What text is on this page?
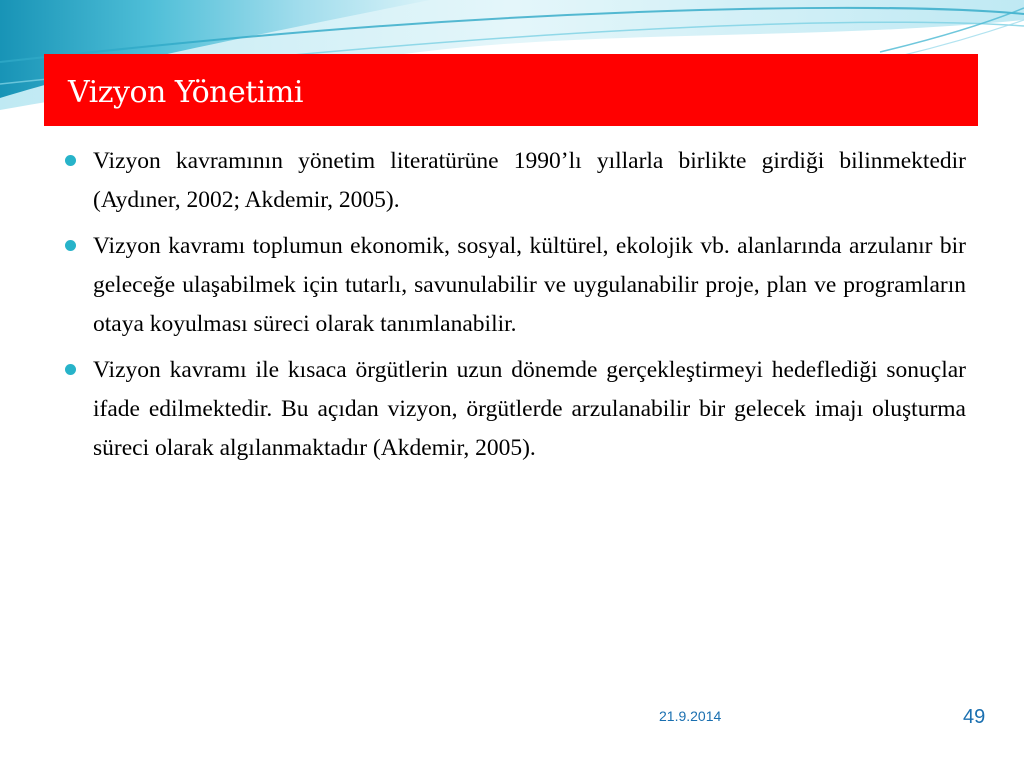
Vizyon Yönetimi

Vizyon kavramının yönetim literatürüne 1990’lı yıllarla birlikte girdiği bilinmektedir (Aydıner, 2002; Akdemir, 2005).

Vizyon kavramı toplumun ekonomik, sosyal, kültürel, ekolojik vb. alanlarında arzulanır bir geleceğe ulaşabilmek için tutarlı, savunulabilir ve uygulanabilir proje, plan ve programların otaya koyulması süreci olarak tanımlanabilir.

Vizyon kavramı ile kısaca örgütlerin uzun dönemde gerçekleştirmeyi hedeflediği sonuçlar ifade edilmektedir. Bu açıdan vizyon, örgütlerde arzulanabilir bir gelecek imajı oluşturma süreci olarak algılanmaktadır (Akdemir, 2005).

21.9.2014	49
